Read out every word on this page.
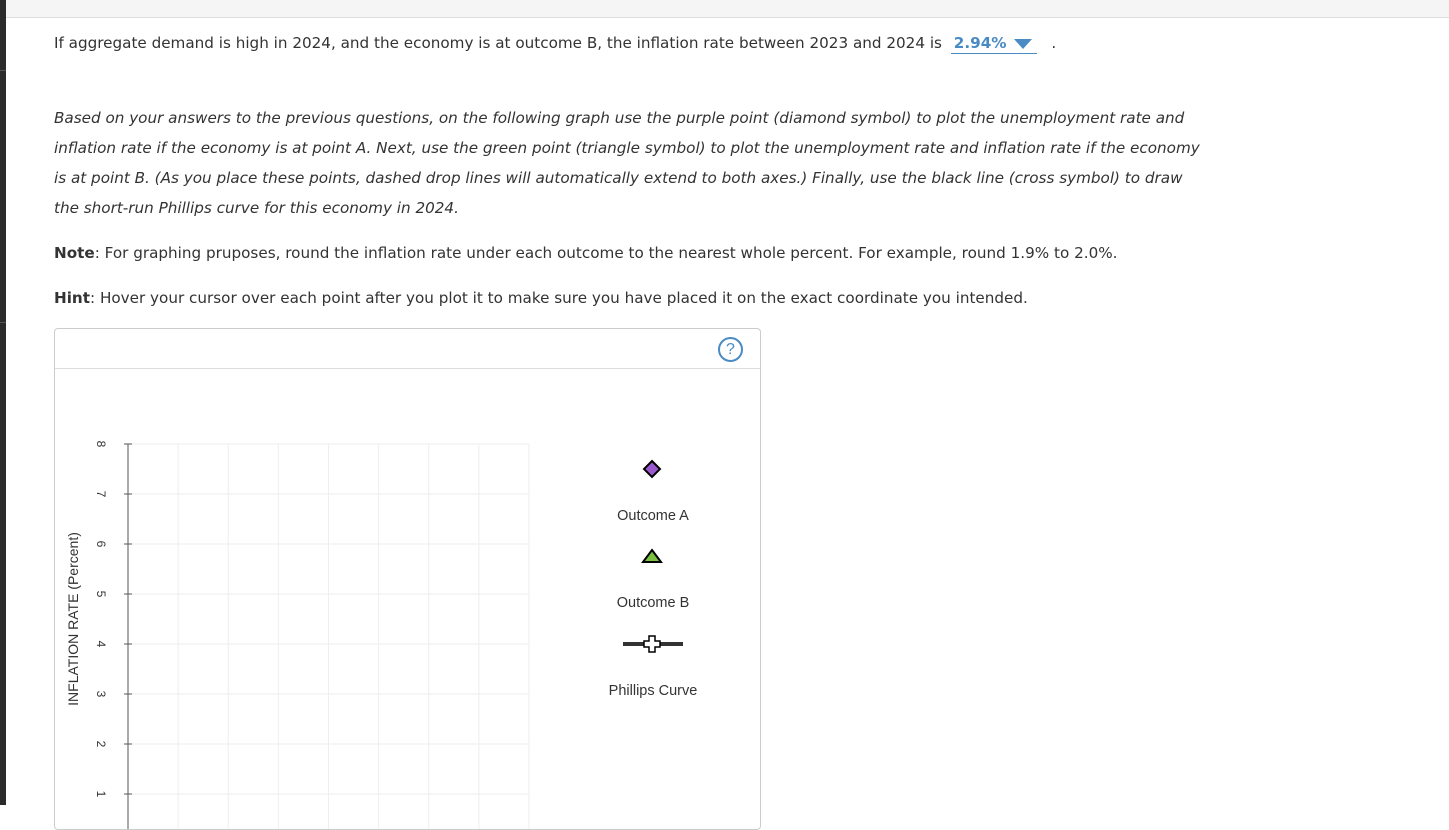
If aggregate demand is high in 2024, and the economy is at outcome B, the inflation rate between 2023 and 2024 is 2.94%	.
Based on your answers to the previous questions, on the following graph use the purple point (diamond symbol) to plot the unemployment rate and
inflation rate if the economy is at point A. Next, use the green point (triangle symbol) to plot the unemployment rate and inflation rate if the economy
is at point B. (As you place these points, dashed drop lines will automatically extend to both axes.) Finally, use the black line (cross symbol) to draw
the short-run Phillips curve for this economy in 2024.
Note: For graphing pruposes, round the inflation rate under each outcome to the nearest whole percent. For example, round 1.9% to 2.0%.
Hint: Hover your cursor over each point after you plot it to make sure you have placed it on the exact coordinate you intended.
?
1
2
3
4
5
6
7
8
INFLATION RATE (Percent)
Outcome A
Outcome B
Phillips Curve
